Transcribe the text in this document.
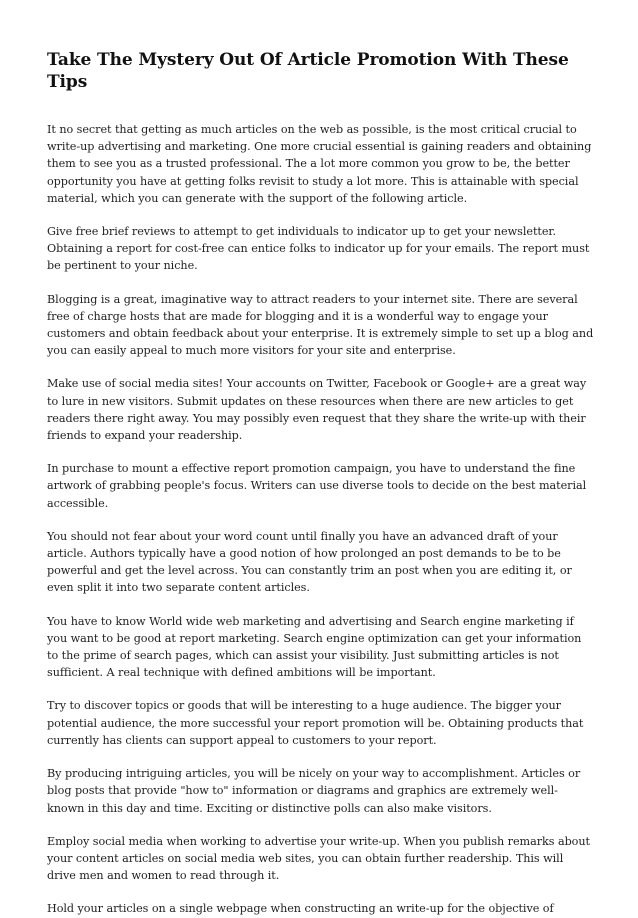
Take The Mystery Out Of Article Promotion With These Tips

It no secret that getting as much articles on the web as possible, is the most critical crucial to write-up advertising and marketing. One more crucial essential is gaining readers and obtaining them to see you as a trusted professional. The a lot more common you grow to be, the better opportunity you have at getting folks revisit to study a lot more. This is attainable with special material, which you can generate with the support of the following article.

Give free brief reviews to attempt to get individuals to indicator up to get your newsletter. Obtaining a report for cost-free can entice folks to indicator up for your emails. The report must be pertinent to your niche.

Blogging is a great, imaginative way to attract readers to your internet site. There are several free of charge hosts that are made for blogging and it is a wonderful way to engage your customers and obtain feedback about your enterprise. It is extremely simple to set up a blog and you can easily appeal to much more visitors for your site and enterprise.

Make use of social media sites! Your accounts on Twitter, Facebook or Google+ are a great way to lure in new visitors. Submit updates on these resources when there are new articles to get readers there right away. You may possibly even request that they share the write-up with their friends to expand your readership.

In purchase to mount a effective report promotion campaign, you have to understand the fine artwork of grabbing people's focus. Writers can use diverse tools to decide on the best material accessible.

You should not fear about your word count until finally you have an advanced draft of your article. Authors typically have a good notion of how prolonged an post demands to be to be powerful and get the level across. You can constantly trim an post when you are editing it, or even split it into two separate content articles.

You have to know World wide web marketing and advertising and Search engine marketing if you want to be good at report marketing. Search engine optimization can get your information to the prime of search pages, which can assist your visibility. Just submitting articles is not sufficient. A real technique with defined ambitions will be important.

Try to discover topics or goods that will be interesting to a huge audience. The bigger your potential audience, the more successful your report promotion will be. Obtaining products that currently has clients can support appeal to customers to your report.

By producing intriguing articles, you will be nicely on your way to accomplishment. Articles or blog posts that provide "how to" information or diagrams and graphics are extremely well-known in this day and time. Exciting or distinctive polls can also make visitors.

Employ social media when working to advertise your write-up. When you publish remarks about your content articles on social media web sites, you can obtain further readership. This will drive men and women to read through it.

Hold your articles on a single webpage when constructing an write-up for the objective of
